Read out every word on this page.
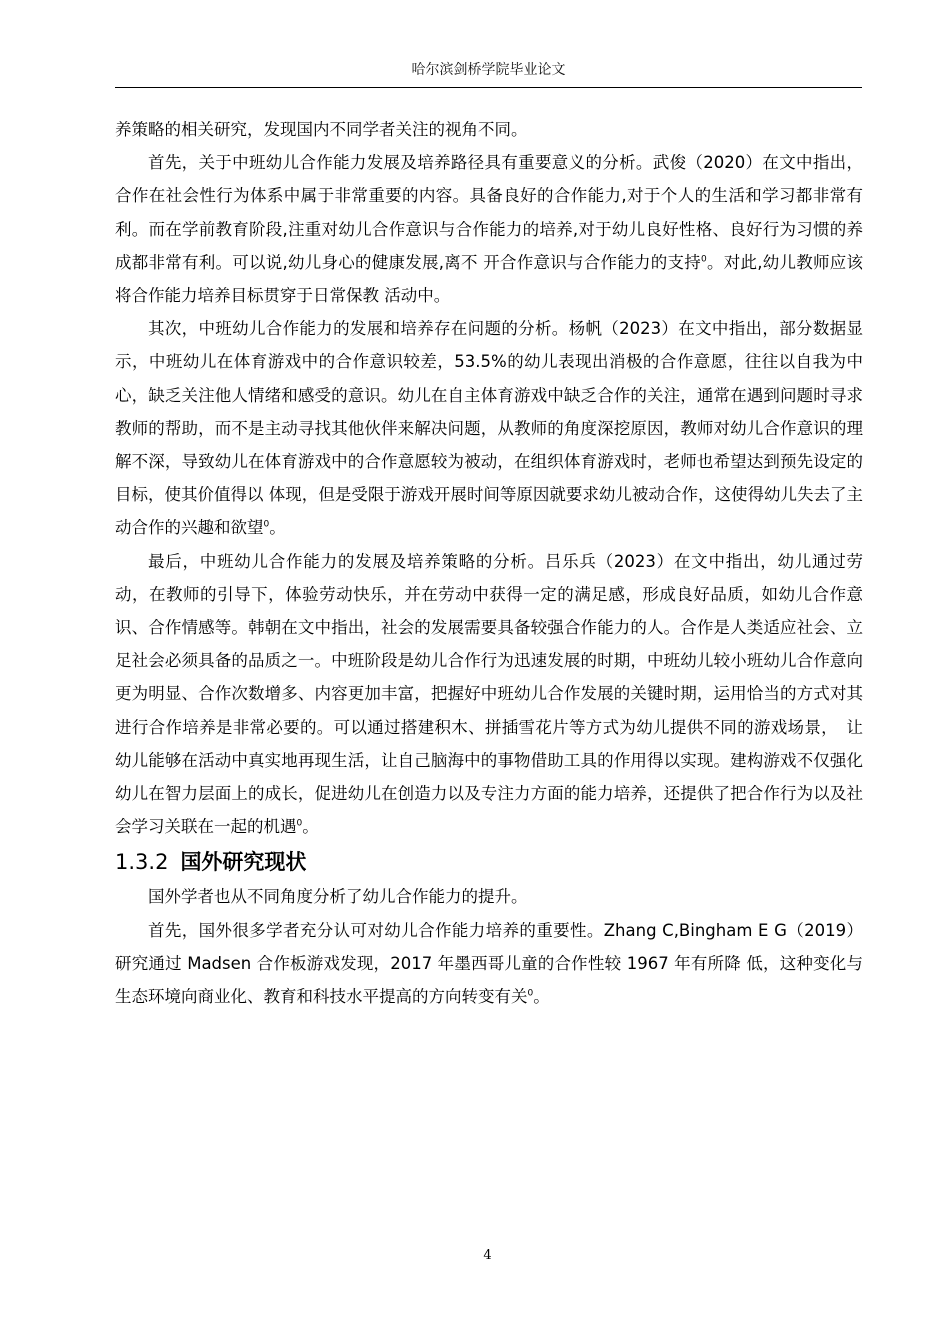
哈尔滨剑桥学院毕业论文

养策略的相关研究，发现国内不同学者关注的视角不同。

首先，关于中班幼儿合作能力发展及培养路径具有重要意义的分析。武俊（2020）在文中指出，合作在社会性行为体系中属于非常重要的内容。具备良好的合作能力,对于个人的生活和学习都非常有利。而在学前教育阶段,注重对幼儿合作意识与合作能力的培养,对于幼儿良好性格、良好行为习惯的养成都非常有利。可以说,幼儿身心的健康发展,离不 开合作意识与合作能力的支持$^0$。对此,幼儿教师应该将合作能力培养目标贯穿于日常保教 活动中。

其次，中班幼儿合作能力的发展和培养存在问题的分析。杨帆（2023）在文中指出，部分数据显示，中班幼儿在体育游戏中的合作意识较差，53.5%的幼儿表现出消极的合作意愿，往往以自我为中心，缺乏关注他人情绪和感受的意识。幼儿在自主体育游戏中缺乏合作的关注，通常在遇到问题时寻求教师的帮助，而不是主动寻找其他伙伴来解决问题，从教师的角度深挖原因，教师对幼儿合作意识的理解不深，导致幼儿在体育游戏中的合作意愿较为被动，在组织体育游戏时，老师也希望达到预先设定的目标，使其价值得以 体现，但是受限于游戏开展时间等原因就要求幼儿被动合作，这使得幼儿失去了主动合作的兴趣和欲望$^0$。

最后，中班幼儿合作能力的发展及培养策略的分析。吕乐兵（2023）在文中指出，幼儿通过劳动，在教师的引导下，体验劳动快乐，并在劳动中获得一定的满足感，形成良好品质，如幼儿合作意识、合作情感等。韩朝在文中指出，社会的发展需要具备较强合作能力的人。合作是人类适应社会、立足社会必须具备的品质之一。中班阶段是幼儿合作行为迅速发展的时期，中班幼儿较小班幼儿合作意向更为明显、合作次数增多、内容更加丰富，把握好中班幼儿合作发展的关键时期，运用恰当的方式对其进行合作培养是非常必要的。可以通过搭建积木、拼插雪花片等方式为幼儿提供不同的游戏场景，　让幼儿能够在活动中真实地再现生活，让自己脑海中的事物借助工具的作用得以实现。建构游戏不仅强化幼儿在智力层面上的成长，促进幼儿在创造力以及专注力方面的能力培养，还提供了把合作行为以及社会学习关联在一起的机遇$^0$。

1.3.2 国外研究现状

国外学者也从不同角度分析了幼儿合作能力的提升。

首先，国外很多学者充分认可对幼儿合作能力培养的重要性。Zhang C,Bingham E G（2019）研究通过 Madsen 合作板游戏发现，2017 年墨西哥儿童的合作性较 1967 年有所降 低，这种变化与生态环境向商业化、教育和科技水平提高的方向转变有关$^0$。

4
